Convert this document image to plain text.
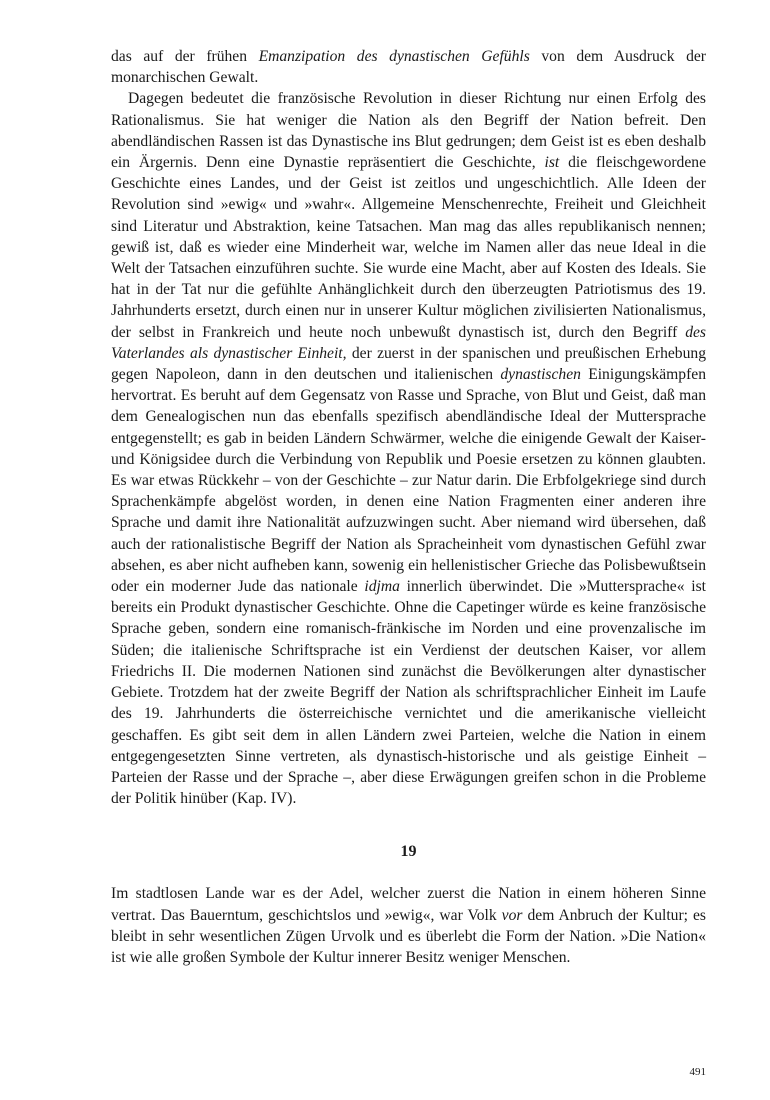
das auf der frühen Emanzipation des dynastischen Gefühls von dem Ausdruck der monarchischen Gewalt.

Dagegen bedeutet die französische Revolution in dieser Richtung nur einen Erfolg des Rationalismus. Sie hat weniger die Nation als den Begriff der Nation befreit. Den abendländischen Rassen ist das Dynastische ins Blut gedrungen; dem Geist ist es eben deshalb ein Ärgernis. Denn eine Dynastie repräsentiert die Geschichte, ist die fleischgewordene Geschichte eines Landes, und der Geist ist zeitlos und ungeschichtlich. Alle Ideen der Revolution sind »ewig« und »wahr«. Allgemeine Menschenrechte, Freiheit und Gleichheit sind Literatur und Abstraktion, keine Tatsachen. Man mag das alles republikanisch nennen; gewiß ist, daß es wieder eine Minderheit war, welche im Namen aller das neue Ideal in die Welt der Tatsachen einzuführen suchte. Sie wurde eine Macht, aber auf Kosten des Ideals. Sie hat in der Tat nur die gefühlte Anhänglichkeit durch den überzeugten Patriotismus des 19. Jahrhunderts ersetzt, durch einen nur in unserer Kultur möglichen zivilisierten Nationalismus, der selbst in Frankreich und heute noch unbewußt dynastisch ist, durch den Begriff des Vaterlandes als dynastischer Einheit, der zuerst in der spanischen und preußischen Erhebung gegen Napoleon, dann in den deutschen und italienischen dynastischen Einigungskämpfen hervortrat. Es beruht auf dem Gegensatz von Rasse und Sprache, von Blut und Geist, daß man dem Genealogischen nun das ebenfalls spezifisch abendländische Ideal der Muttersprache entgegenstellt; es gab in beiden Ländern Schwärmer, welche die einigende Gewalt der Kaiser- und Königsidee durch die Verbindung von Republik und Poesie ersetzen zu können glaubten. Es war etwas Rückkehr – von der Geschichte – zur Natur darin. Die Erbfolgekriege sind durch Sprachenkämpfe abgelöst worden, in denen eine Nation Fragmenten einer anderen ihre Sprache und damit ihre Nationalität aufzuzwingen sucht. Aber niemand wird übersehen, daß auch der rationalistische Begriff der Nation als Spracheinheit vom dynastischen Gefühl zwar absehen, es aber nicht aufheben kann, sowenig ein hellenistischer Grieche das Polisbewußtsein oder ein moderner Jude das nationale idjma innerlich überwindet. Die »Muttersprache« ist bereits ein Produkt dynastischer Geschichte. Ohne die Capetinger würde es keine französische Sprache geben, sondern eine romanisch-fränkische im Norden und eine provenzalische im Süden; die italienische Schriftsprache ist ein Verdienst der deutschen Kaiser, vor allem Friedrichs II. Die modernen Nationen sind zunächst die Bevölkerungen alter dynastischer Gebiete. Trotzdem hat der zweite Begriff der Nation als schriftsprachlicher Einheit im Laufe des 19. Jahrhunderts die österreichische vernichtet und die amerikanische vielleicht geschaffen. Es gibt seit dem in allen Ländern zwei Parteien, welche die Nation in einem entgegengesetzten Sinne vertreten, als dynastisch-historische und als geistige Einheit – Parteien der Rasse und der Sprache –, aber diese Erwägungen greifen schon in die Probleme der Politik hinüber (Kap. IV).

19

Im stadtlosen Lande war es der Adel, welcher zuerst die Nation in einem höheren Sinne vertrat. Das Bauerntum, geschichtslos und »ewig«, war Volk vor dem Anbruch der Kultur; es bleibt in sehr wesentlichen Zügen Urvolk und es überlebt die Form der Nation. »Die Nation« ist wie alle großen Symbole der Kultur innerer Besitz weniger Menschen.

491
